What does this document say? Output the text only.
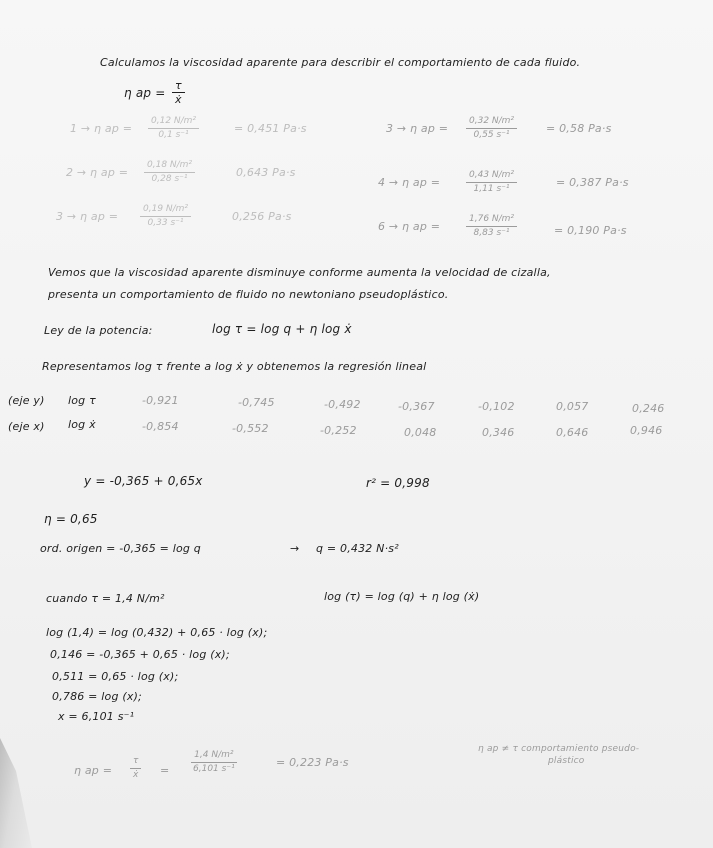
Calculamos la viscosidad aparente para describir el comportamiento de cada fluido.
η ap = $\frac{\tau}{\text{ẋ}}$
1 → η ap = $\frac{\text{0,12 N/m²}}{\text{0,1 s⁻¹}}$	= 0,451 Pa·s
2 → η ap = $\frac{\text{0,18 N/m²}}{\text{0,28 s⁻¹}}$	0,643 Pa·s
3 → η ap = $\frac{\text{0,19 N/m²}}{\text{0,33 s⁻¹}}$	0,256 Pa·s
3 → η ap = $\frac{\text{0,32 N/m²}}{\text{0,55 s⁻¹}}$	= 0,58 Pa·s
4 → η ap =	$\frac{\text{0,43 N/m²}}{\text{1,11 s⁻¹}}$	= 0,387 Pa·s
6 → η ap =	$\frac{\text{1,76 N/m²}}{\text{8,83 s⁻¹}}$	= 0,190 Pa·s
Vemos que la viscosidad aparente disminuye conforme aumenta la velocidad de cizalla,
presenta un comportamiento de fluido no newtoniano pseudoplástico.
Ley de la potencia:	log τ = log q + η log ẋ
Representamos log τ frente a log ẋ y obtenemos la regresión lineal
(eje y) log τ	-0,921	-0,745	-0,492	-0,367	-0,102	0,057	0,246
(eje x) log ẋ	-0,854	-0,552	-0,252	0,048	0,346	0,646	0,946
y = -0,365 + 0,65x	r² = 0,998
η = 0,65
ord. origen = -0,365 = log q	→ q = 0,432 N·s²
cuando τ = 1,4 N/m²	log (τ) = log (q) + η log (ẋ)
log (1,4) = log (0,432) + 0,65 · log (x);
0,146 = -0,365 + 0,65 · log (x);
0,511 = 0,65 · log (x);
0,786 = log (x);
x = 6,101 s⁻¹
η ap = $\frac{\tau}{\text{ẋ}} = \frac{\text{1,4 N/m²}}{\text{6,101 s⁻¹}}$	= 0,223 Pa·s
η ap ≠ τ comportamiento pseudo-
plástico
